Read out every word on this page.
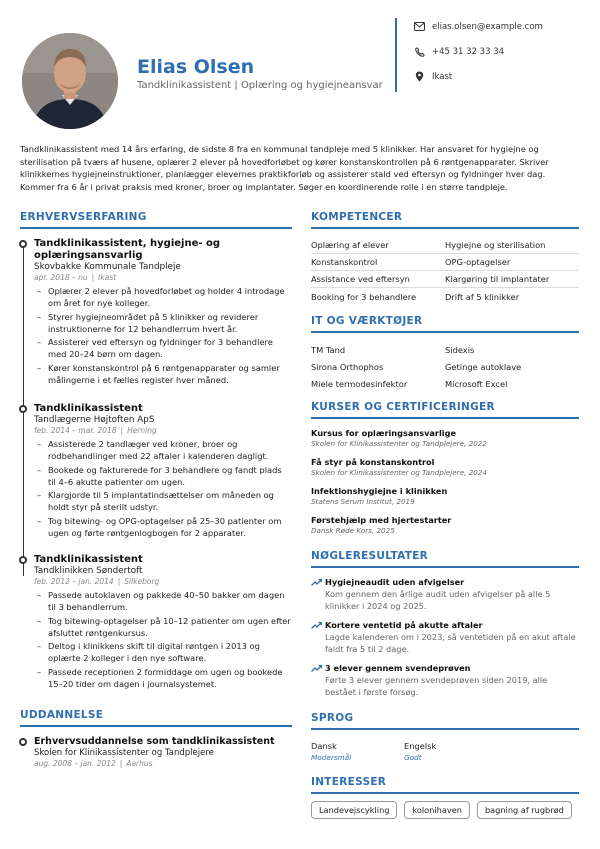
Elias Olsen
Tandklinikassistent | Oplæring og hygiejneansvar
elias.olsen@example.com
+45 31 32 33 34
Ikast
Tandklinikassistent med 14 års erfaring, de sidste 8 fra en kommunal tandpleje med 5 klinikker. Har ansvaret for hygiejne og sterilisation på tværs af husene, oplærer 2 elever på hovedforløbet og kører konstanskontrollen på 6 røntgenapparater. Skriver klinikkernes hygiejneinstruktioner, planlægger elevernes praktikforløb og assisterer stald ved eftersyn og fyldninger hver dag. Kommer fra 6 år i privat praksis med kroner, broer og implantater. Søger en koordinerende rolle i en større tandpleje.
ERHVERVSERFARING
Tandklinikassistent, hygiejne- og oplæringsansvarlig
Skovbakke Kommunale Tandpleje
apr. 2018 – nu | Ikast
– Oplærer 2 elever på hovedforløbet og holder 4 introdage om året for nye kolleger.
– Styrer hygiejneområdet på 5 klinikker og reviderer instruktionerne for 12 behandlerrum hvert år.
– Assisterer ved eftersyn og fyldninger for 3 behandlere med 20–24 børn om dagen.
– Kører konstanskontrol på 6 røntgenapparater og samler målingerne i et fælles register hver måned.
Tandklinikassistent
Tandlægerne Højtoften ApS
feb. 2014 – mar. 2018 | Herning
– Assisterede 2 tandlæger ved kroner, broer og rodbehandlinger med 22 aftaler i kalenderen dagligt.
– Bookede og fakturerede for 3 behandlere og fandt plads til 4–6 akutte patienter om ugen.
– Klargjorde til 5 implantatindsættelser om måneden og holdt styr på sterilt udstyr.
– Tog bitewing- og OPG-optagelser på 25–30 patienter om ugen og førte røntgenlogbogen for 2 apparater.
Tandklinikassistent
Tandklinikken Søndertoft
feb. 2012 – jan. 2014 | Silkeborg
– Passede autoklaven og pakkede 40–50 bakker om dagen til 3 behandlerrum.
– Tog bitewing-optagelser på 10–12 patienter om ugen efter afsluttet røntgenkursus.
– Deltog i klinikkens skift til digital røntgen i 2013 og oplærte 2 kolleger i den nye software.
– Passede receptionen 2 formiddage om ugen og bookede 15–20 tider om dagen i journalsystemet.
UDDANNELSE
Erhvervsuddannelse som tandklinikassistent
Skolen for Klinikassistenter og Tandplejere
aug. 2008 – jan. 2012 | Aarhus
KOMPETENCER
Oplæring af elever	Hygiejne og sterilisation
Konstanskontrol	OPG-optagelser
Assistance ved eftersyn	Klargøring til implantater
Booking for 3 behandlere	Drift af 5 klinikker
IT OG VÆRKTØJER
TM Tand	Sidexis
Sirona Orthophos	Getinge autoklave
Miele termodesinfektor	Microsoft Excel
KURSER OG CERTIFICERINGER
Kursus for oplæringsansvarlige
Skolen for Klinikassistenter og Tandplejere, 2022
Få styr på konstanskontrol
Skolen for Klinikassistenter og Tandplejere, 2024
Infektionshygiejne i klinikken
Statens Serum Institut, 2019
Førstehjælp med hjertestarter
Dansk Røde Kors, 2025
NØGLERESULTATER
Hygiejneaudit uden afvigelser
Kom gennem den årlige audit uden afvigelser på alle 5 klinikker i 2024 og 2025.
Kortere ventetid på akutte aftaler
Lagde kalenderen om i 2023, så ventetiden på en akut aftale faldt fra 5 til 2 dage.
3 elever gennem svendeprøven
Førte 3 elever gennem svendeprøven siden 2019, alle bestået i første forsøg.
SPROG
Dansk
Modersmål
Engelsk
Godt
INTERESSER
Landevejscykling	kolonihaven	bagning af rugbrød
